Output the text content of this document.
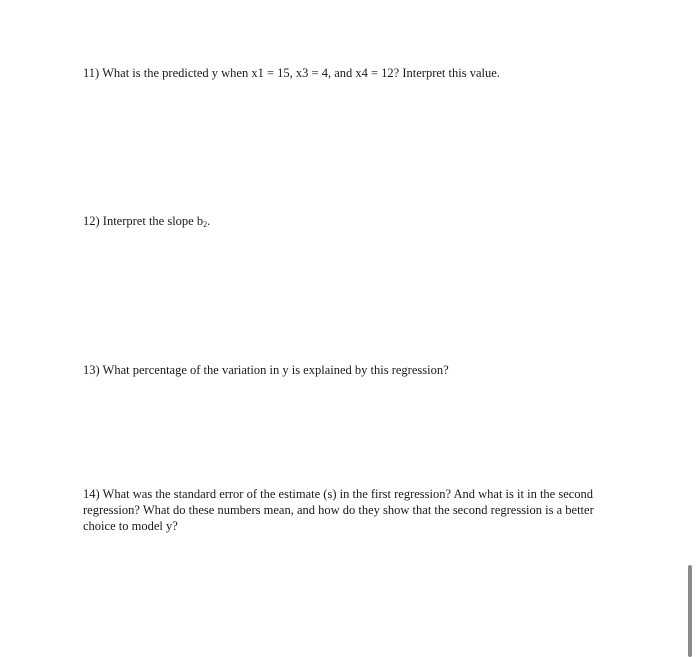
11) What is the predicted y when x1 = 15, x3 = 4, and x4 = 12? Interpret this value.
12) Interpret the slope $b_2$.
13) What percentage of the variation in y is explained by this regression?
14) What was the standard error of the estimate (s) in the first regression? And what is it in the second regression? What do these numbers mean, and how do they show that the second regression is a better choice to model y?
